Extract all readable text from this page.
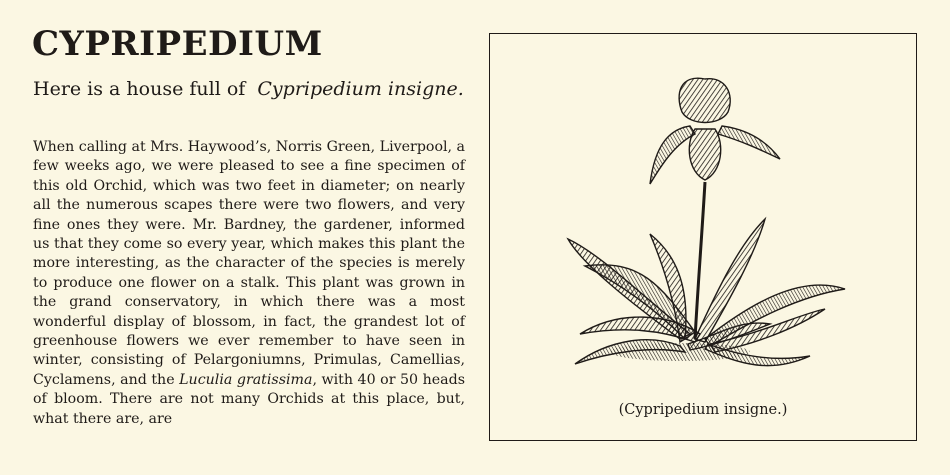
CYPRIPEDIUM

Here is a house full of Cypripedium insigne.

When calling at Mrs. Haywood’s, Norris Green, Liverpool, a few weeks ago, we were pleased to see a fine specimen of this old Orchid, which was two feet in diameter; on nearly all the numerous scapes there were two flowers, and very fine ones they were. Mr. Bardney, the gardener, informed us that they come so every year, which makes this plant the more interesting, as the character of the species is merely to produce one flower on a stalk. This plant was grown in the grand conservatory, in which there was a most wonderful display of blossom, in fact, the grandest lot of greenhouse flowers we ever remember to have seen in winter, consisting of Pelargoniumns, Primulas, Camellias, Cyclamens, and the Luculia gratissima, with 40 or 50 heads of bloom. There are not many Orchids at this place, but, what there are, are

(Cypripedium insigne.)
